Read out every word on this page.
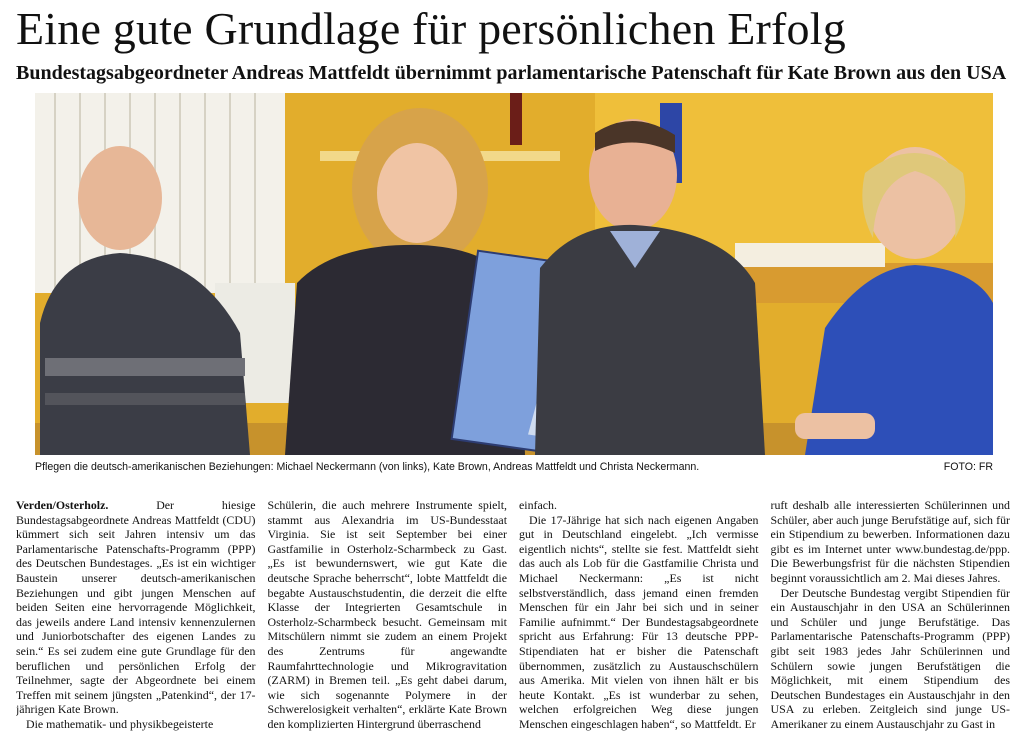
Eine gute Grundlage für persönlichen Erfolg
Bundestagsabgeordneter Andreas Mattfeldt übernimmt parlamentarische Patenschaft für Kate Brown aus den USA
Pflegen die deutsch-amerikanischen Beziehungen: Michael Neckermann (von links), Kate Brown, Andreas Mattfeldt und Christa Neckermann.	FOTO: FR

Verden/Osterholz.	Der hiesige Bundestagsabgeordnete Andreas Mattfeldt (CDU) kümmert sich seit Jahren intensiv um das Parlamentarische Patenschafts-Programm (PPP) des Deutschen Bundestages. „Es ist ein wichtiger Baustein unserer deutsch-amerikanischen Beziehungen und gibt jungen Menschen auf beiden Seiten eine hervorragende Möglichkeit, das jeweils andere Land intensiv kennenzulernen und Juniorbotschafter des eigenen Landes zu sein.“ Es sei zudem eine gute Grundlage für den beruflichen und persönlichen Erfolg der Teilnehmer, sagte der Abgeordnete bei einem Treffen mit seinem jüngsten „Patenkind“, der 17-jährigen Kate Brown.

Die mathematik- und physikbegeisterte

Schülerin, die auch mehrere Instrumente spielt, stammt aus Alexandria im US-Bundesstaat Virginia. Sie ist seit September bei einer Gastfamilie in Osterholz-Scharmbeck zu Gast. „Es ist bewundernswert, wie gut Kate die deutsche Sprache beherrscht“, lobte Mattfeldt die begabte Austauschstudentin, die derzeit die elfte Klasse der Integrierten Gesamtschule in Osterholz-Scharmbeck besucht. Gemeinsam mit Mitschülern nimmt sie zudem an einem Projekt des Zentrums für angewandte Raumfahrttechnologie und Mikrogravitation (ZARM) in Bremen teil. „Es geht dabei darum, wie sich sogenannte Polymere in der Schwerelosigkeit verhalten“, erklärte Kate Brown den komplizierten Hintergrund überraschend

einfach.

Die 17-Jährige hat sich nach eigenen Angaben gut in Deutschland eingelebt. „Ich vermisse eigentlich nichts“, stellte sie fest. Mattfeldt sieht das auch als Lob für die Gastfamilie Christa und Michael Neckermann: „Es ist nicht selbstverständlich, dass jemand einen fremden Menschen für ein Jahr bei sich und in seiner Familie aufnimmt.“ Der Bundestagsabgeordnete spricht aus Erfahrung: Für 13 deutsche PPP-Stipendiaten hat er bisher die Patenschaft übernommen, zusätzlich zu Austauschschülern aus Amerika. Mit vielen von ihnen hält er bis heute Kontakt. „Es ist wunderbar zu sehen, welchen erfolgreichen Weg diese jungen Menschen eingeschlagen haben“, so Mattfeldt. Er

ruft deshalb alle interessierten Schülerinnen und Schüler, aber auch junge Berufstätige auf, sich für ein Stipendium zu bewerben. Informationen dazu gibt es im Internet unter www.bundestag.de/ppp. Die Bewerbungsfrist für die nächsten Stipendien beginnt voraussichtlich am 2. Mai dieses Jahres.

Der Deutsche Bundestag vergibt Stipendien für ein Austauschjahr in den USA an Schülerinnen und Schüler und junge Berufstätige. Das Parlamentarische Patenschafts-Programm (PPP) gibt seit 1983 jedes Jahr Schülerinnen und Schülern sowie jungen Berufstätigen die Möglichkeit, mit einem Stipendium des Deutschen Bundestages ein Austauschjahr in den USA zu erleben. Zeitgleich sind junge US-Amerikaner zu einem Austauschjahr zu Gast in
